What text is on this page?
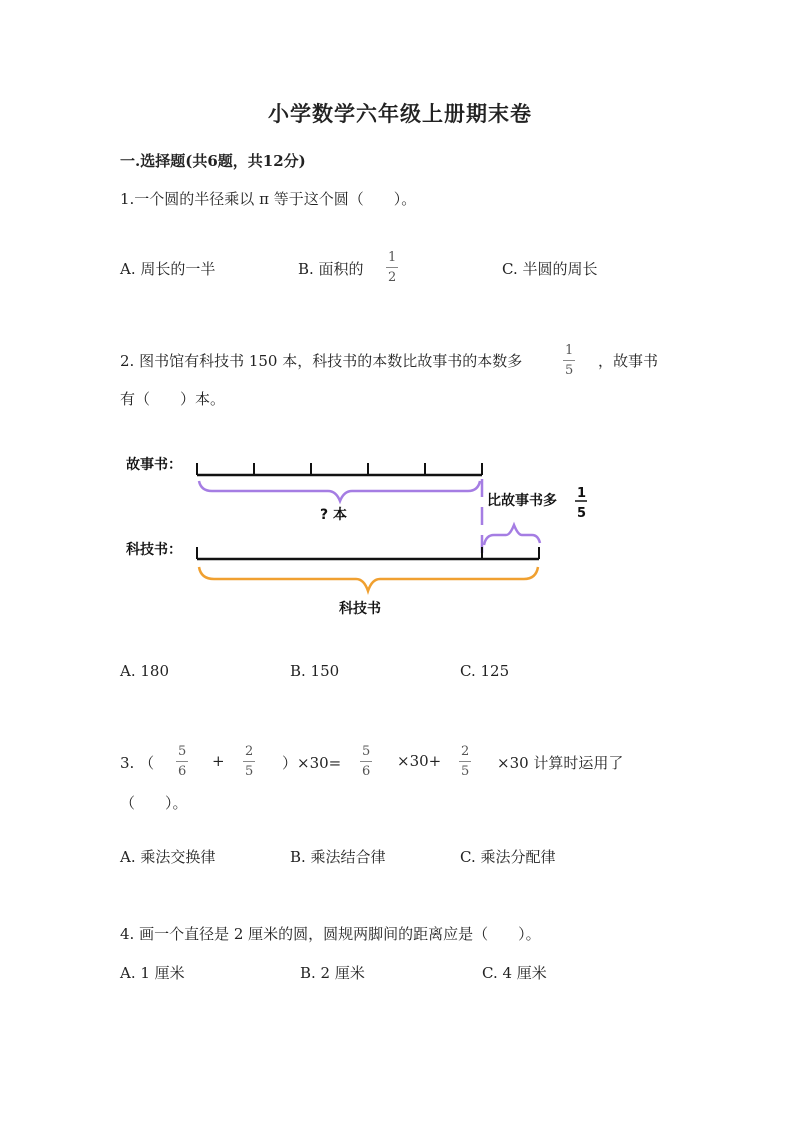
小学数学六年级上册期末卷
一.选择题(共6题，共12分)
1.一个圆的半径乘以 π 等于这个圆（　　）。
A. 周长的一半	B. 面积的
1
2	C. 半圆的周长
2. 图书馆有科技书 150 本，科技书的本数比故事书的本数多
1
5
，故事书
有（　　）本。
故事书：
科技书：
? 本
比故事书多 1
5
科技书
A. 180	B. 150	C. 125
3. （
5
6
+
2
5 ）×30=
5
6
×30+
2
5 ×30 计算时运用了
（　　）。
A. 乘法交换律	B. 乘法结合律	C. 乘法分配律
4. 画一个直径是 2 厘米的圆，圆规两脚间的距离应是（　　）。
A. 1 厘米	B. 2 厘米	C. 4 厘米
